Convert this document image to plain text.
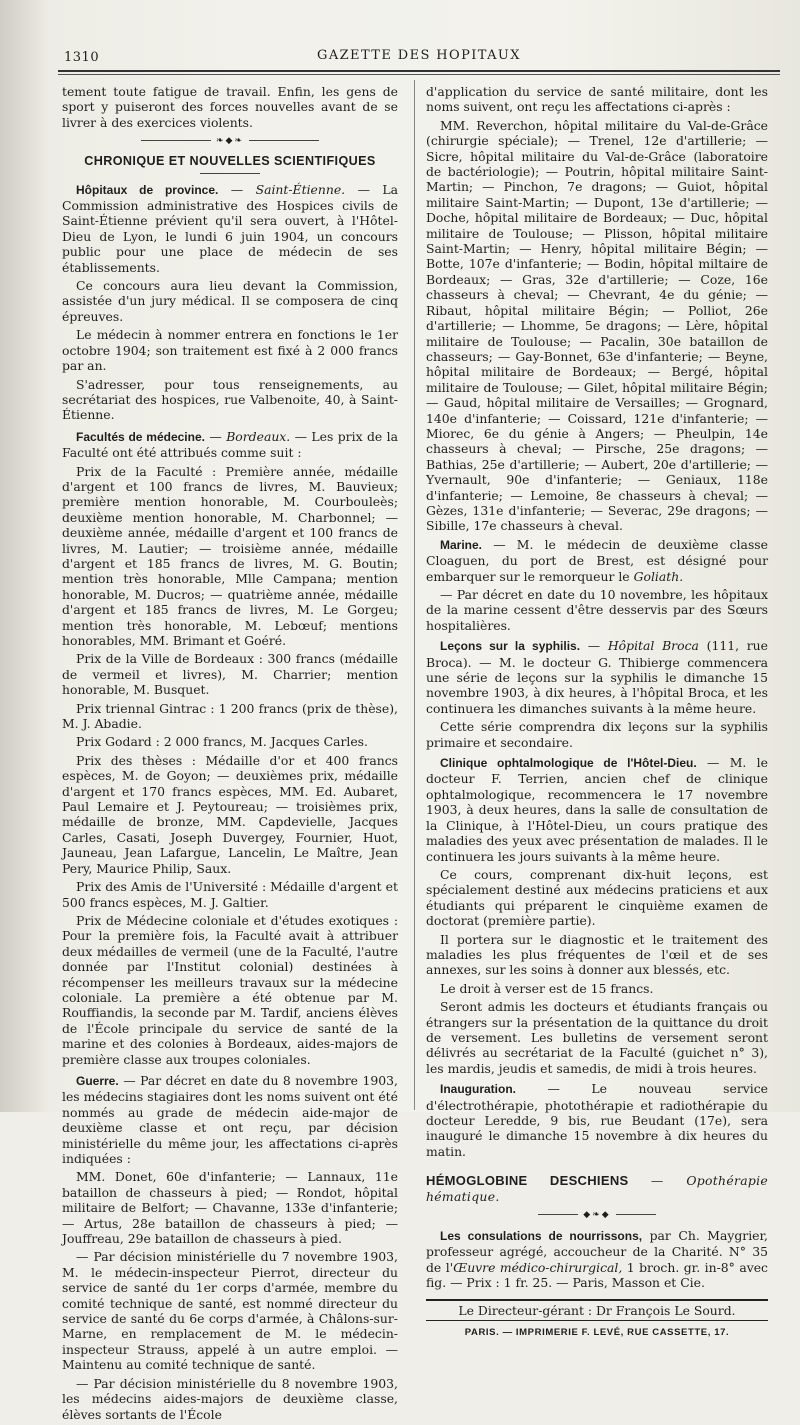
1310	GAZETTE DES HOPITAUX

tement toute fatigue de travail. Enfin, les gens de sport y puiseront des forces nouvelles avant de se livrer à des exercices violents.

❧◆❧
CHRONIQUE ET NOUVELLES SCIENTIFIQUES

Hôpitaux de province. — Saint-Étienne. — La Commission administrative des Hospices civils de Saint-Étienne prévient qu'il sera ouvert, à l'Hôtel-Dieu de Lyon, le lundi 6 juin 1904, un concours public pour une place de médecin de ses établissements.

Ce concours aura lieu devant la Commission, assistée d'un jury médical. Il se composera de cinq épreuves.

Le médecin à nommer entrera en fonctions le 1er octobre 1904; son traitement est fixé à 2 000 francs par an.

S'adresser, pour tous renseignements, au secrétariat des hospices, rue Valbenoite, 40, à Saint-Étienne.

Facultés de médecine. — Bordeaux. — Les prix de la Faculté ont été attribués comme suit :

Prix de la Faculté : Première année, médaille d'argent et 100 francs de livres, M. Bauvieux; première mention honorable, M. Courbouleès; deuxième mention honorable, M. Charbonnel; — deuxième année, médaille d'argent et 100 francs de livres, M. Lautier; — troisième année, médaille d'argent et 185 francs de livres, M. G. Boutin; mention très honorable, Mlle Campana; mention honorable, M. Ducros; — quatrième année, médaille d'argent et 185 francs de livres, M. Le Gorgeu; mention très honorable, M. Lebœuf; mentions honorables, MM. Brimant et Goéré.

Prix de la Ville de Bordeaux : 300 francs (médaille de vermeil et livres), M. Charrier; mention honorable, M. Busquet.

Prix triennal Gintrac : 1 200 francs (prix de thèse), M. J. Abadie.

Prix Godard : 2 000 francs, M. Jacques Carles.

Prix des thèses : Médaille d'or et 400 francs espèces, M. de Goyon; — deuxièmes prix, médaille d'argent et 170 francs espèces, MM. Ed. Aubaret, Paul Lemaire et J. Peytoureau; — troisièmes prix, médaille de bronze, MM. Capdevielle, Jacques Carles, Casati, Joseph Duvergey, Fournier, Huot, Jauneau, Jean Lafargue, Lancelin, Le Maître, Jean Pery, Maurice Philip, Saux.

Prix des Amis de l'Université : Médaille d'argent et 500 francs espèces, M. J. Galtier.

Prix de Médecine coloniale et d'études exotiques : Pour la première fois, la Faculté avait à attribuer deux médailles de vermeil (une de la Faculté, l'autre donnée par l'Institut colonial) destinées à récompenser les meilleurs travaux sur la médecine coloniale. La première a été obtenue par M. Rouffiandis, la seconde par M. Tardif, anciens élèves de l'École principale du service de santé de la marine et des colonies à Bordeaux, aides-majors de première classe aux troupes coloniales.

Guerre. — Par décret en date du 8 novembre 1903, les médecins stagiaires dont les noms suivent ont été nommés au grade de médecin aide-major de deuxième classe et ont reçu, par décision ministérielle du même jour, les affectations ci-après indiquées :

MM. Donet, 60e d'infanterie; — Lannaux, 11e bataillon de chasseurs à pied; — Rondot, hôpital militaire de Belfort; — Chavanne, 133e d'infanterie; — Artus, 28e bataillon de chasseurs à pied; — Jouffreau, 29e bataillon de chasseurs à pied.

— Par décision ministérielle du 7 novembre 1903, M. le médecin-inspecteur Pierrot, directeur du service de santé du 1er corps d'armée, membre du comité technique de santé, est nommé directeur du service de santé du 6e corps d'armée, à Châlons-sur-Marne, en remplacement de M. le médecin-inspecteur Strauss, appelé à un autre emploi. — Maintenu au comité technique de santé.

— Par décision ministérielle du 8 novembre 1903, les médecins aides-majors de deuxième classe, élèves sortants de l'École

d'application du service de santé militaire, dont les noms suivent, ont reçu les affectations ci-après :

MM. Reverchon, hôpital militaire du Val-de-Grâce (chirurgie spéciale); — Trenel, 12e d'artillerie; — Sicre, hôpital militaire du Val-de-Grâce (laboratoire de bactériologie); — Poutrin, hôpital militaire Saint-Martin; — Pinchon, 7e dragons; — Guiot, hôpital militaire Saint-Martin; — Dupont, 13e d'artillerie; — Doche, hôpital militaire de Bordeaux; — Duc, hôpital militaire de Toulouse; — Plisson, hôpital militaire Saint-Martin; — Henry, hôpital militaire Bégin; — Botte, 107e d'infanterie; — Bodin, hôpital miltaire de Bordeaux; — Gras, 32e d'artillerie; — Coze, 16e chasseurs à cheval; — Chevrant, 4e du génie; — Ribaut, hôpital militaire Bégin; — Polliot, 26e d'artillerie; — Lhomme, 5e dragons; — Lère, hôpital militaire de Toulouse; — Pacalin, 30e bataillon de chasseurs; — Gay-Bonnet, 63e d'infanterie; — Beyne, hôpital militaire de Bordeaux; — Bergé, hôpital militaire de Toulouse; — Gilet, hôpital militaire Bégin; — Gaud, hôpital militaire de Versailles; — Grognard, 140e d'infanterie; — Coissard, 121e d'infanterie; — Miorec, 6e du génie à Angers; — Pheulpin, 14e chasseurs à cheval; — Pirsche, 25e dragons; — Bathias, 25e d'artillerie; — Aubert, 20e d'artillerie; — Yvernault, 90e d'infanterie; — Geniaux, 118e d'infanterie; — Lemoine, 8e chasseurs à cheval; — Gèzes, 131e d'infanterie; — Severac, 29e dragons; — Sibille, 17e chasseurs à cheval.

Marine. — M. le médecin de deuxième classe Cloaguen, du port de Brest, est désigné pour embarquer sur le remorqueur le Goliath.

— Par décret en date du 10 novembre, les hôpitaux de la marine cessent d'être desservis par des Sœurs hospitalières.

Leçons sur la syphilis. — Hôpital Broca (111, rue Broca). — M. le docteur G. Thibierge commencera une série de leçons sur la syphilis le dimanche 15 novembre 1903, à dix heures, à l'hôpital Broca, et les continuera les dimanches suivants à la même heure.

Cette série comprendra dix leçons sur la syphilis primaire et secondaire.

Clinique ophtalmologique de l'Hôtel-Dieu. — M. le docteur F. Terrien, ancien chef de clinique ophtalmologique, recommencera le 17 novembre 1903, à deux heures, dans la salle de consultation de la Clinique, à l'Hôtel-Dieu, un cours pratique des maladies des yeux avec présentation de malades. Il le continuera les jours suivants à la même heure.

Ce cours, comprenant dix-huit leçons, est spécialement destiné aux médecins praticiens et aux étudiants qui préparent le cinquième examen de doctorat (première partie).

Il portera sur le diagnostic et le traitement des maladies les plus fréquentes de l'œil et de ses annexes, sur les soins à donner aux blessés, etc.

Le droit à verser est de 15 francs.

Seront admis les docteurs et étudiants français ou étrangers sur la présentation de la quittance du droit de versement. Les bulletins de versement seront délivrés au secrétariat de la Faculté (guichet n° 3), les mardis, jeudis et samedis, de midi à trois heures.

Inauguration.	— Le nouveau service d'électrothérapie, photothérapie et radiothérapie du docteur Leredde, 9 bis, rue Beudant (17e), sera inauguré le dimanche 15 novembre à dix heures du matin.

HÉMOGLOBINE DESCHIENS — Opothérapie hématique.
◆❧◆

Les consulations de nourrissons, par Ch. Maygrier, professeur agrégé, accoucheur de la Charité. N° 35 de l'Œuvre médico-chirurgical, 1 broch. gr. in-8° avec fig. — Prix : 1 fr. 25. — Paris, Masson et Cie.

Le Directeur-gérant : Dr François Le Sourd.
PARIS. — IMPRIMERIE F. LEVÉ, RUE CASSETTE, 17.
